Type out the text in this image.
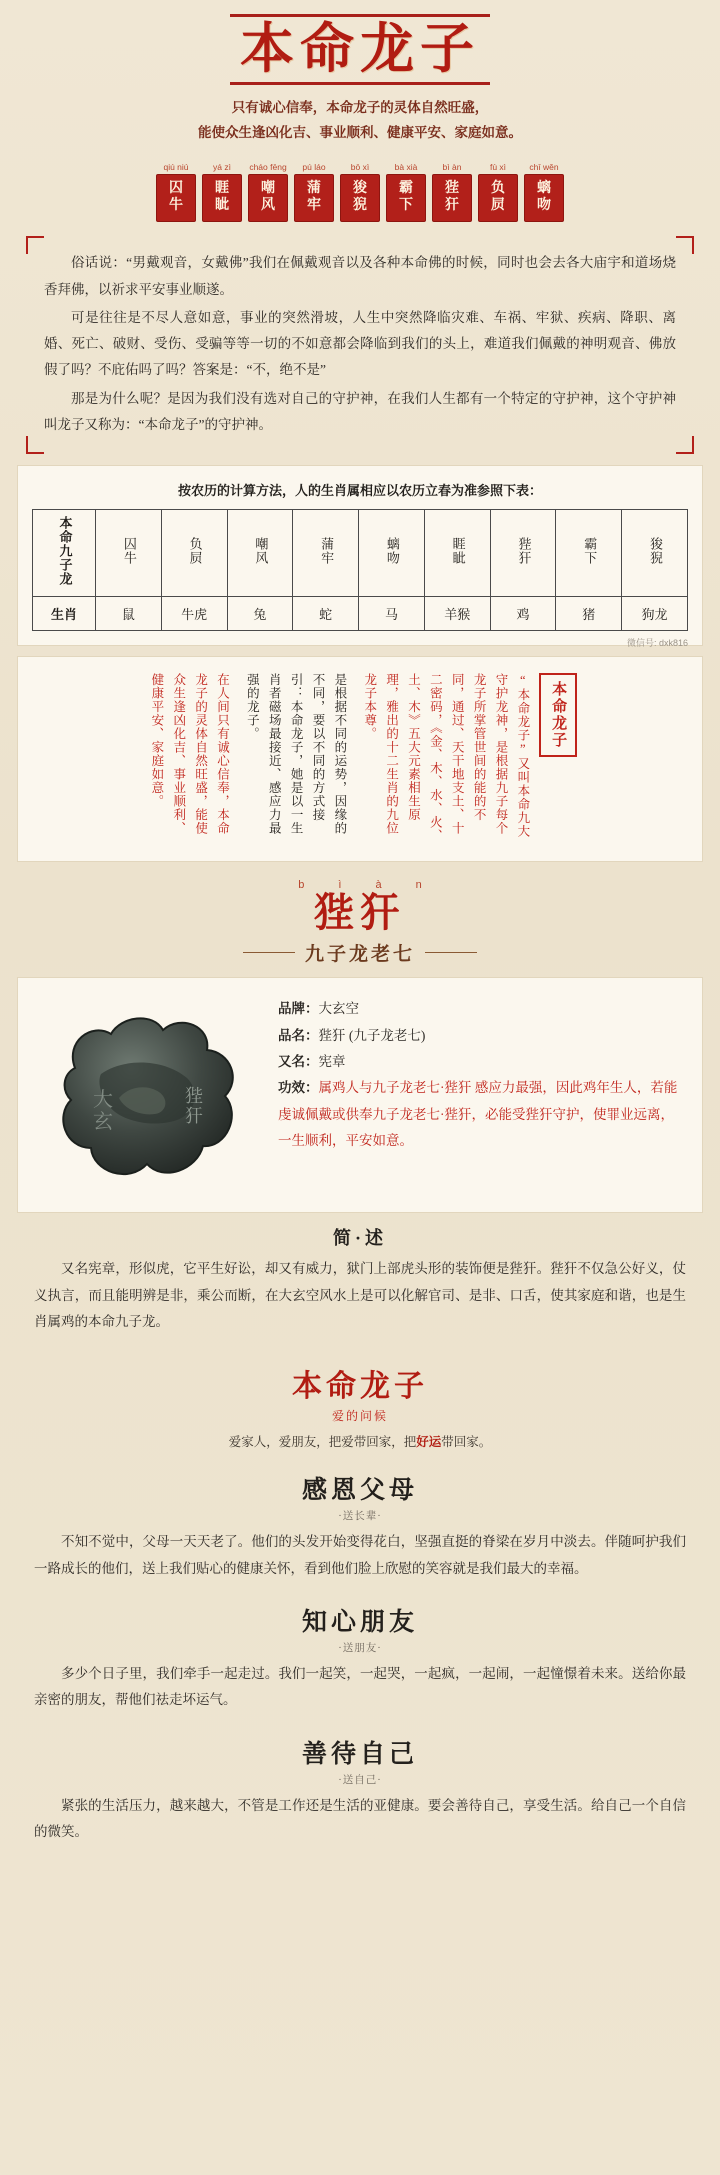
本命龙子
只有诚心信奉，本命龙子的灵体自然旺盛，
能使众生逢凶化吉、事业顺利、健康平安、家庭如意。
qiú niú
囚
牛
yá zì
睚
眦
cháo fēng
嘲
风
pú láo
蒲
牢
bō xì
狻
猊
bà xià
霸
下
bì àn
狴
犴
fù xì
负
屃
chī wěn
螭
吻

俗话说：“男戴观音，女戴佛”我们在佩戴观音以及各种本命佛的时候，同时也会去各大庙宇和道场烧香拜佛，以祈求平安事业顺遂。

可是往往是不尽人意如意，事业的突然滑坡，人生中突然降临灾难、车祸、牢狱、疾病、降职、离婚、死亡、破财、受伤、受骗等等一切的不如意都会降临到我们的头上，难道我们佩戴的神明观音、佛放假了吗？不庇佑吗了吗？答案是：“不，绝不是”

那是为什么呢？是因为我们没有选对自己的守护神，在我们人生都有一个特定的守护神，这个守护神叫龙子又称为：“本命龙子”的守护神。

按农历的计算方法，人的生肖属相应以农历立春为准参照下表：
本命九子龙	囚牛	负屃	嘲风	蒲牢	螭吻	睚眦	狴犴	霸下	狻猊
生肖	鼠	牛虎	兔	蛇	马	羊猴	鸡	猪	狗龙
微信号: dxk816
本命龙子
“本命龙子”又叫本命九大守护龙神，是根据九子每个龙子所掌管世间的能的不同，通过、天干地支土、十二密码，《金、木、水、火、土、木》五大元素相生原理，雅出的十二生肖的九位龙子本尊。
是根据不同的运势，因缘的不同，要以不同的方式接引：本命龙子，她是以一生肖者磁场最接近、感应力最强的龙子。
在人间只有诚心信奉，本命龙子的灵体自然旺盛，能使众生逢凶化吉、事业顺利、健康平安、家庭如意。
bìàn
狴犴
九子龙老七
大
玄
狴
犴

品牌：大玄空

品名：狴犴 (九子龙老七)

又名：宪章

功效：属鸡人与九子龙老七·狴犴 感应力最强，因此鸡年生人，若能虔诚佩戴或供奉九子龙老七·狴犴，必能受狴犴守护，使罪业远离，一生顺利，平安如意。

简·述

又名宪章，形似虎，它平生好讼，却又有威力，狱门上部虎头形的装饰便是狴犴。狴犴不仅急公好义，仗义执言，而且能明辨是非，乘公而断，在大玄空风水上是可以化解官司、是非、口舌，使其家庭和谐，也是生肖属鸡的本命九子龙。

本命龙子
爱的问候
爱家人，爱朋友，把爱带回家，把好运带回家。
感恩父母
·送长辈·

不知不觉中，父母一天天老了。他们的头发开始变得花白，坚强直挺的脊梁在岁月中淡去。伴随呵护我们一路成长的他们，送上我们贴心的健康关怀，看到他们脸上欣慰的笑容就是我们最大的幸福。

知心朋友
·送朋友·

多少个日子里，我们牵手一起走过。我们一起笑，一起哭，一起疯，一起闹，一起憧憬着未来。送给你最亲密的朋友，帮他们祛走坏运气。

善待自己
·送自己·

紧张的生活压力，越来越大，不管是工作还是生活的亚健康。要会善待自己，享受生活。给自己一个自信的微笑。
